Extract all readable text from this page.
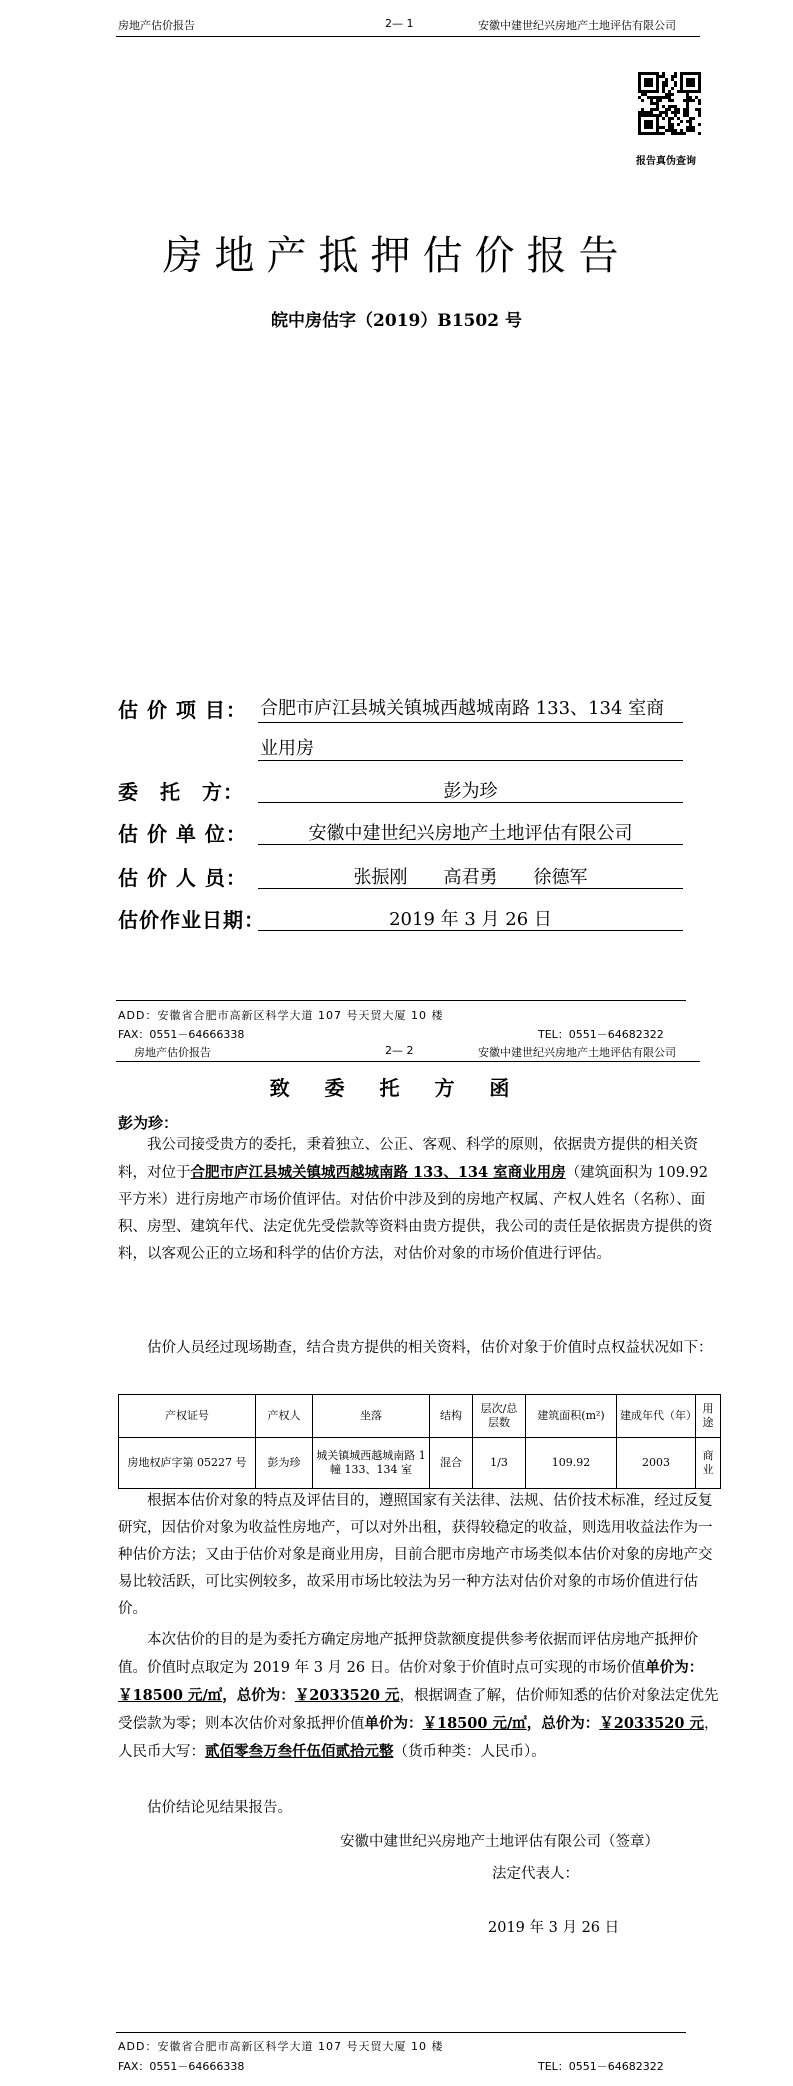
房地产估价报告	2— 1	安徽中建世纪兴房地产土地评估有限公司
报告真伪查询
房地产抵押估价报告
皖中房估字（2019）B1502 号
估 价 项 目： 合肥市庐江县城关镇城西越城南路 133、134 室商
业用房
委　托　方：	彭为珍
估 价 单 位：	安徽中建世纪兴房地产土地评估有限公司
估 价 人 员：	张振刚　　高君勇　　徐德军
估价作业日期：	2019 年 3 月 26 日
ADD：安徽省合肥市高新区科学大道 107 号天贸大厦 10 楼
FAX：0551－64666338	TEL：0551－64682322
房地产估价报告	2— 2	安徽中建世纪兴房地产土地评估有限公司
致 委 托 方 函
彭为珍：
我公司接受贵方的委托，秉着独立、公正、客观、科学的原则，依据贵方提供的相关资料，对位于合肥市庐江县城关镇城西越城南路 133、134 室商业用房（建筑面积为 109.92 平方米）进行房地产市场价值评估。对估价中涉及到的房地产权属、产权人姓名（名称）、面积、房型、建筑年代、法定优先受偿款等资料由贵方提供，我公司的责任是依据贵方提供的资料，以客观公正的立场和科学的估价方法，对估价对象的市场价值进行评估。
估价人员经过现场勘查，结合贵方提供的相关资料，估价对象于价值时点权益状况如下：
产权证号	产权人	坐落	结构	层次/总层数	建筑面积(m²)	建成年代（年）	用途
房地权庐字第 05227 号	彭为珍	城关镇城西越城南路 1 幢 133、134 室	混合	1/3	109.92	2003	商业
根据本估价对象的特点及评估目的，遵照国家有关法律、法规、估价技术标准，经过反复研究，因估价对象为收益性房地产，可以对外出租，获得较稳定的收益，则选用收益法作为一种估价方法；又由于估价对象是商业用房，目前合肥市房地产市场类似本估价对象的房地产交易比较活跃，可比实例较多，故采用市场比较法为另一种方法对估价对象的市场价值进行估价。
本次估价的目的是为委托方确定房地产抵押贷款额度提供参考依据而评估房地产抵押价值。价值时点取定为 2019 年 3 月 26 日。估价对象于价值时点可实现的市场价值单价为：￥18500 元/㎡，总价为：￥2033520 元，根据调查了解，估价师知悉的估价对象法定优先受偿款为零；则本次估价对象抵押价值单价为：￥18500 元/㎡，总价为：￥2033520 元，人民币大写：贰佰零叁万叁仟伍佰贰拾元整（货币种类：人民币）。
估价结论见结果报告。
安徽中建世纪兴房地产土地评估有限公司（签章）
法定代表人：
2019 年 3 月 26 日
ADD：安徽省合肥市高新区科学大道 107 号天贸大厦 10 楼
FAX：0551－64666338	TEL：0551－64682322
